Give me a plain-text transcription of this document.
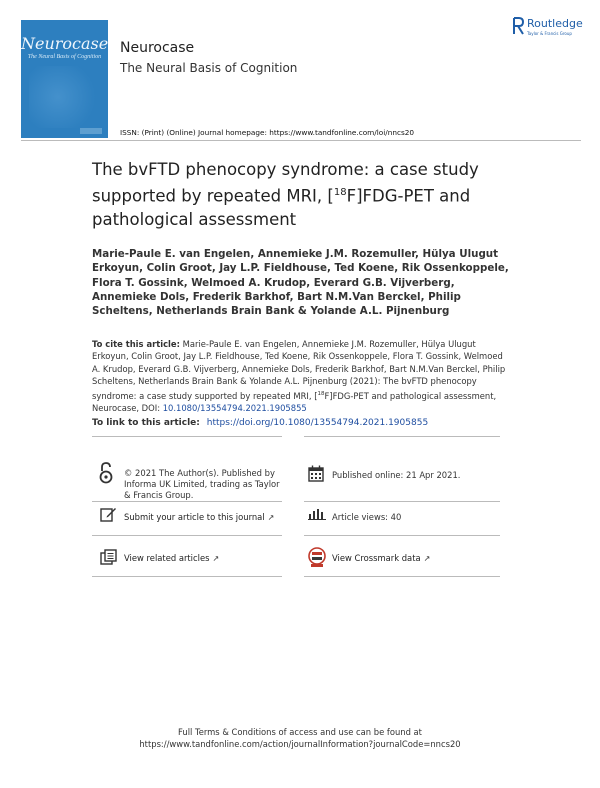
Neurocase
The Neural Basis of Cognition
Neurocase
The Neural Basis of Cognition
Routledge
Taylor & Francis Group
ISSN: (Print) (Online) Journal homepage: https://www.tandfonline.com/loi/nncs20
The bvFTD phenocopy syndrome: a case study supported by repeated MRI, [$^{18}$F]FDG-PET and pathological assessment
Marie-Paule E. van Engelen, Annemieke J.M. Rozemuller, Hülya Ulugut Erkoyun, Colin Groot, Jay L.P. Fieldhouse, Ted Koene, Rik Ossenkoppele, Flora T. Gossink, Welmoed A. Krudop, Everard G.B. Vijverberg, Annemieke Dols, Frederik Barkhof, Bart N.M.Van Berckel, Philip Scheltens, Netherlands Brain Bank & Yolande A.L. Pijnenburg
To cite this article: Marie-Paule E. van Engelen, Annemieke J.M. Rozemuller, Hülya Ulugut Erkoyun, Colin Groot, Jay L.P. Fieldhouse, Ted Koene, Rik Ossenkoppele, Flora T. Gossink, Welmoed A. Krudop, Everard G.B. Vijverberg, Annemieke Dols, Frederik Barkhof, Bart N.M.Van Berckel, Philip Scheltens, Netherlands Brain Bank & Yolande A.L. Pijnenburg (2021): The bvFTD phenocopy syndrome: a case study supported by repeated MRI, [$^{18}$F]FDG-PET and pathological assessment, Neurocase, DOI: 10.1080/13554794.2021.1905855
To link to this article: https://doi.org/10.1080/13554794.2021.1905855
© 2021 The Author(s). Published by Informa UK Limited, trading as Taylor & Francis Group.
Published online: 21 Apr 2021.
Submit your article to this journal ↗	Article views: 40
View related articles ↗	View Crossmark data ↗
Full Terms & Conditions of access and use can be found at
https://www.tandfonline.com/action/journalInformation?journalCode=nncs20
